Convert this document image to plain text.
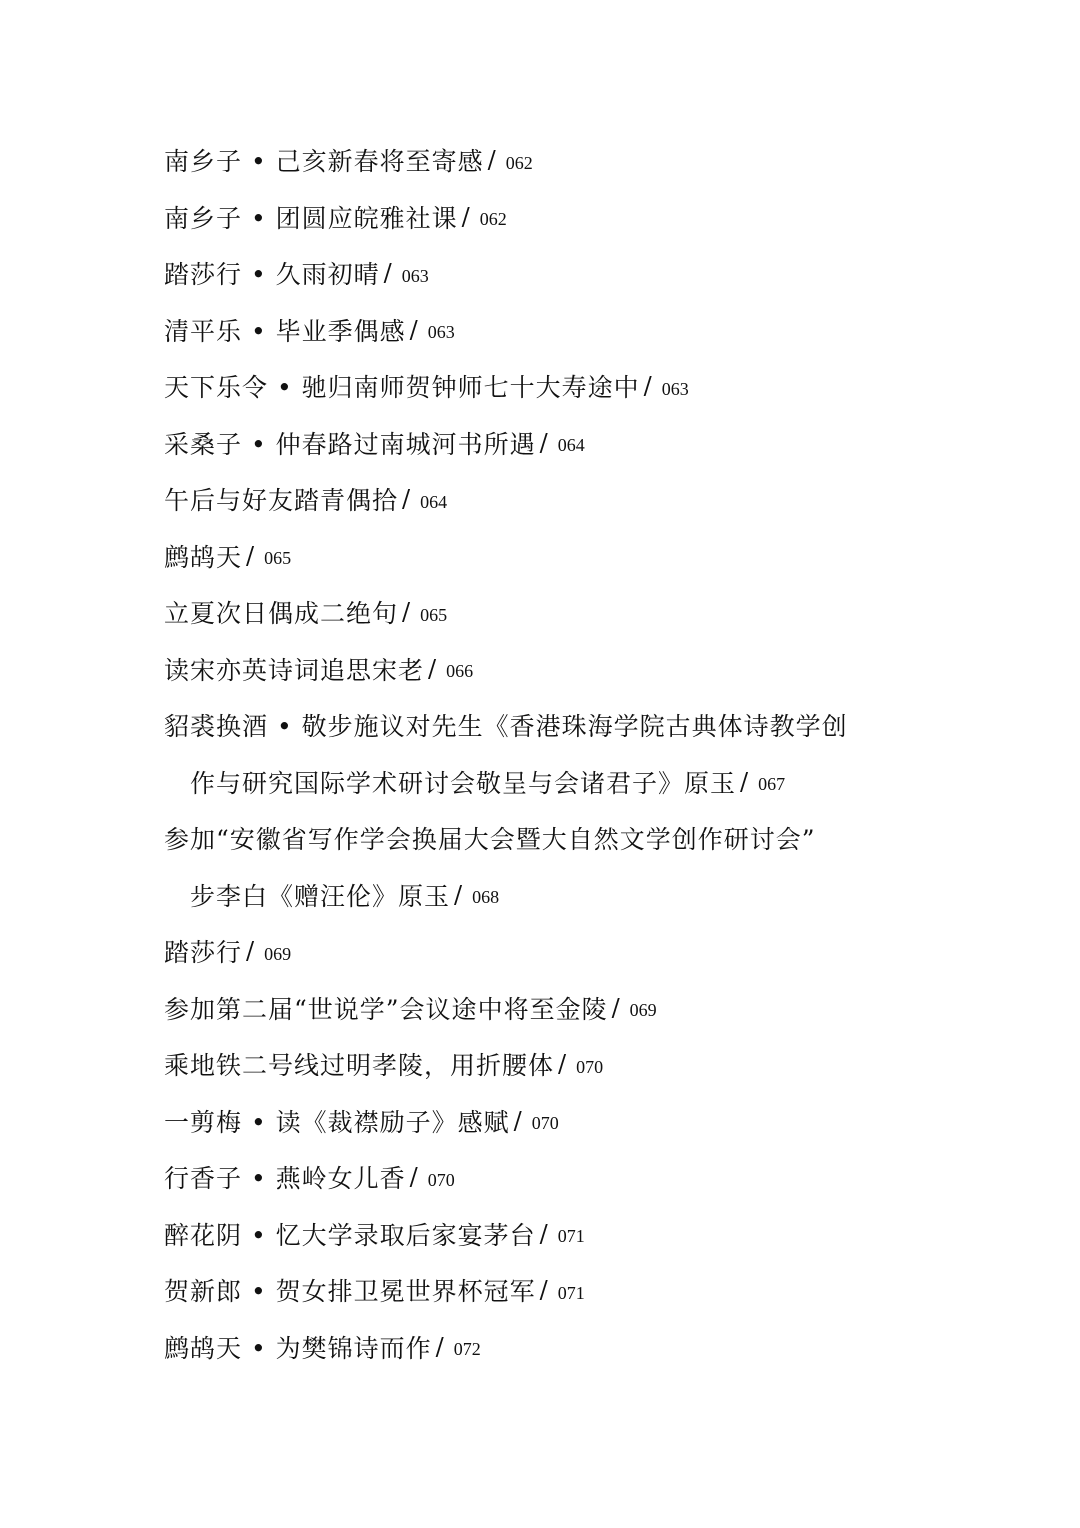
南乡子 • 己亥新春将至寄感 / 062
南乡子 • 团圆应皖雅社课 / 062
踏莎行 • 久雨初晴 / 063
清平乐 • 毕业季偶感 / 063
天下乐令 • 驰归南师贺钟师七十大寿途中 / 063
采桑子 • 仲春路过南城河书所遇 / 064
午后与好友踏青偶拾 / 064
鹧鸪天 / 065
立夏次日偶成二绝句 / 065
读宋亦英诗词追思宋老 / 066
貂裘换酒 • 敬步施议对先生《香港珠海学院古典体诗教学创
作与研究国际学术研讨会敬呈与会诸君子》原玉 / 067
参加“安徽省写作学会换届大会暨大自然文学创作研讨会”
步李白《赠汪伦》原玉 / 068
踏莎行 / 069
参加第二届“世说学”会议途中将至金陵 / 069
乘地铁二号线过明孝陵，用折腰体 / 070
一剪梅 • 读《裁襟励子》感赋 / 070
行香子 • 燕岭女儿香 / 070
醉花阴 • 忆大学录取后家宴茅台 / 071
贺新郎 • 贺女排卫冕世界杯冠军 / 071
鹧鸪天 • 为樊锦诗而作 / 072
